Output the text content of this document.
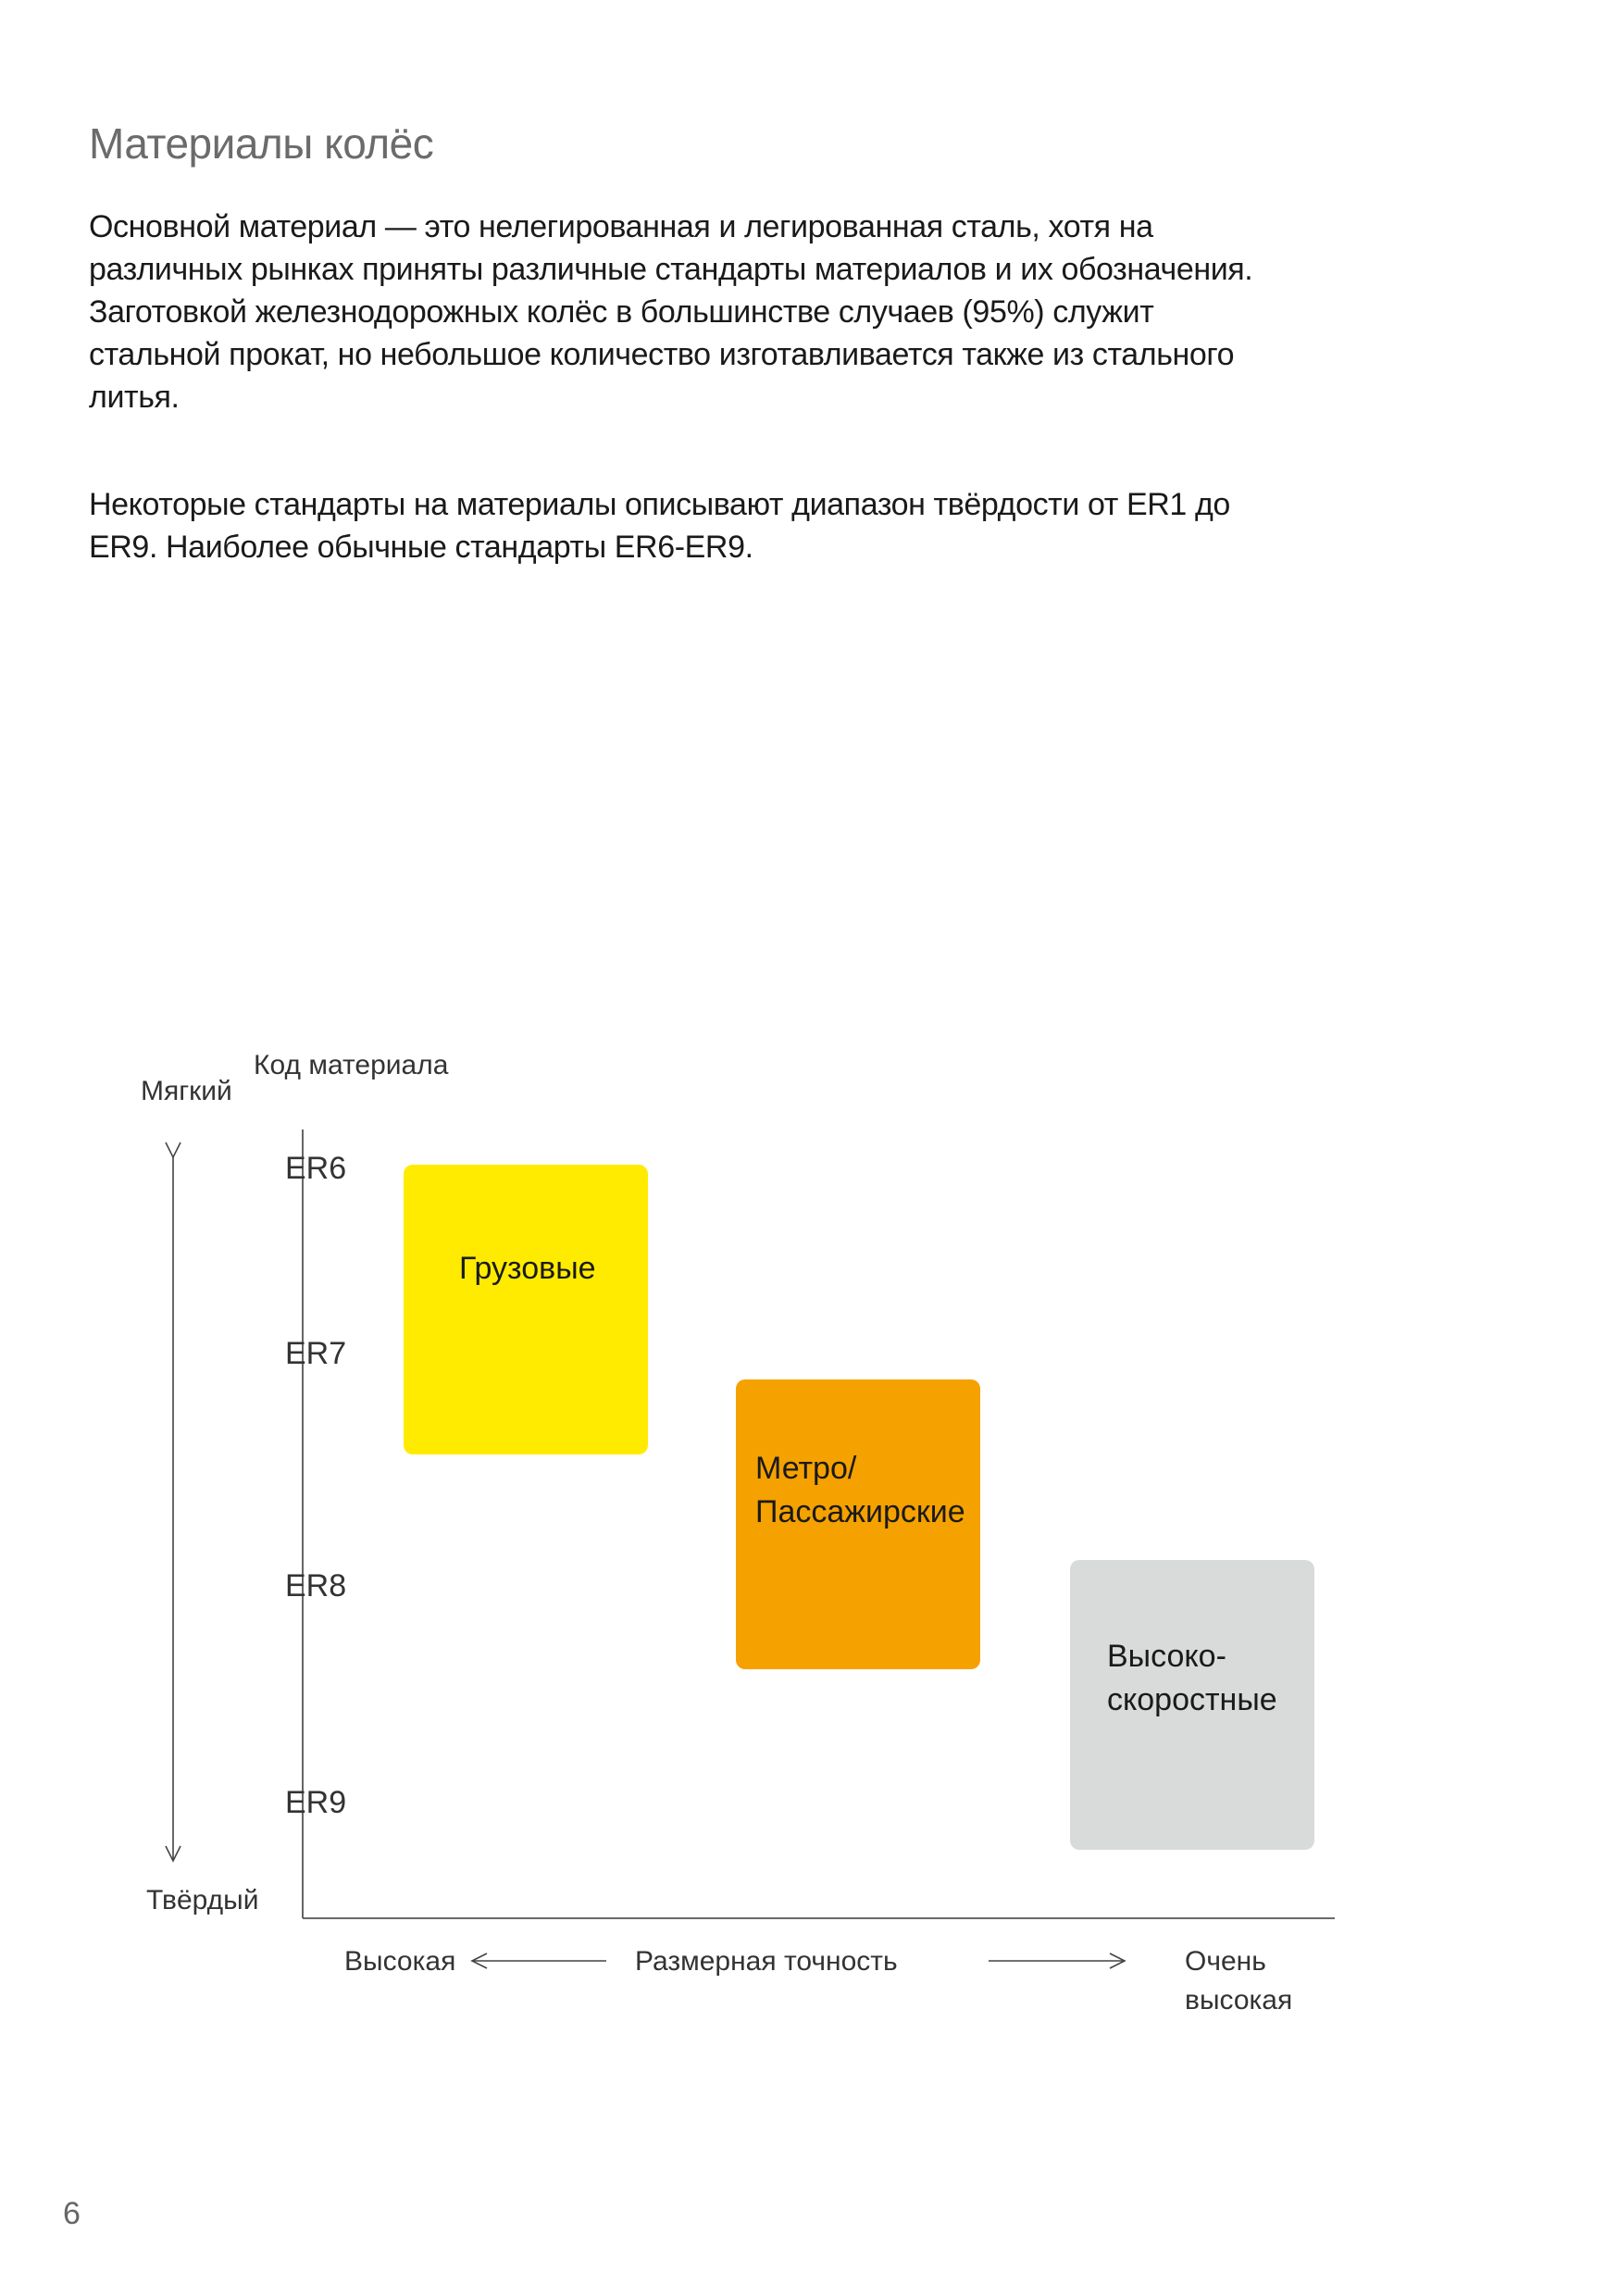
Материалы колёс

Основной материал — это нелегированная и легированная сталь, хотя на различных рынках приняты различные стандарты материалов и их обозначения. Заготовкой железнодорожных колёс в большинстве случаев (95%) служит стальной прокат, но небольшое количество изготавливается также из стального литья.

Некоторые стандарты на материалы описывают диапазон твёрдости от ER1 до ER9. Наиболее обычные стандарты ER6-ER9.

Мягкий
Твёрдый
Код материала
ER6
ER7
ER8
ER9
Грузовые
Метро/
Пассажирские
Высоко-
скоростные
Высокая	Размерная точность	Очень
высокая
6
